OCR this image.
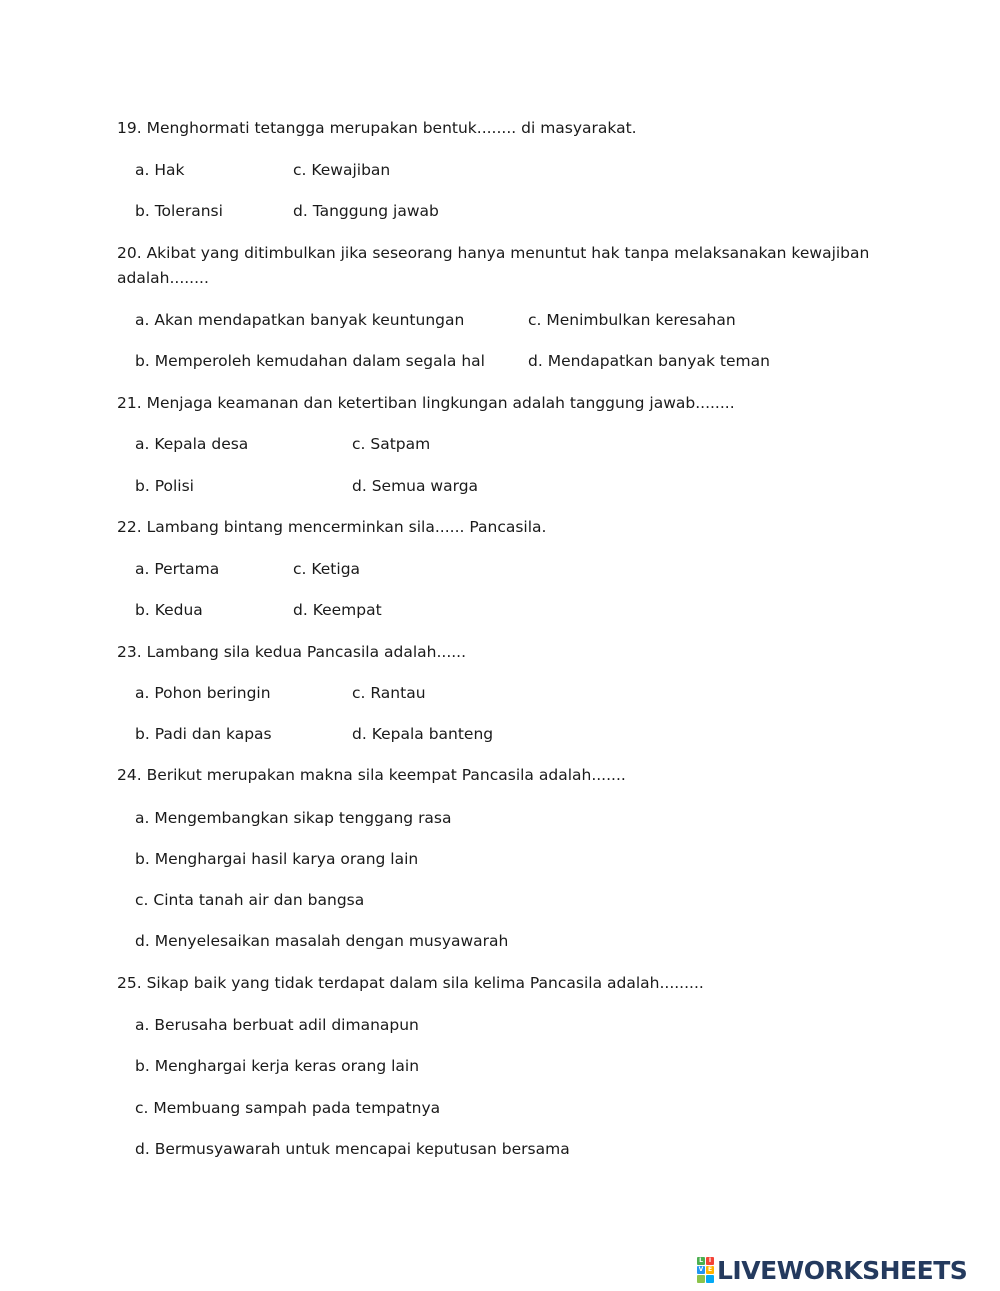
19. Menghormati tetangga merupakan bentuk........ di masyarakat.
a. Hak	c. Kewajiban
b. Toleransi	d. Tanggung jawab
20. Akibat yang ditimbulkan jika seseorang hanya menuntut hak tanpa melaksanakan kewajiban
adalah........
a. Akan mendapatkan banyak keuntungan	c. Menimbulkan keresahan
b. Memperoleh kemudahan dalam segala hal	d. Mendapatkan banyak teman
21. Menjaga keamanan dan ketertiban lingkungan adalah tanggung jawab........
a. Kepala desa	c. Satpam
b. Polisi	d. Semua warga
22. Lambang bintang mencerminkan sila...... Pancasila.
a. Pertama	c. Ketiga
b. Kedua	d. Keempat
23. Lambang sila kedua Pancasila adalah......
a. Pohon beringin	c. Rantau
b. Padi dan kapas	d. Kepala banteng
24. Berikut merupakan makna sila keempat Pancasila adalah.......
a. Mengembangkan sikap tenggang rasa
b. Menghargai hasil karya orang lain
c. Cinta tanah air dan bangsa
d. Menyelesaikan masalah dengan musyawarah
25. Sikap baik yang tidak terdapat dalam sila kelima Pancasila adalah.........
a. Berusaha berbuat adil dimanapun
b. Menghargai kerja keras orang lain
c. Membuang sampah pada tempatnya
d. Bermusyawarah untuk mencapai keputusan bersama
L I
V E LIVEWORKSHEETS
